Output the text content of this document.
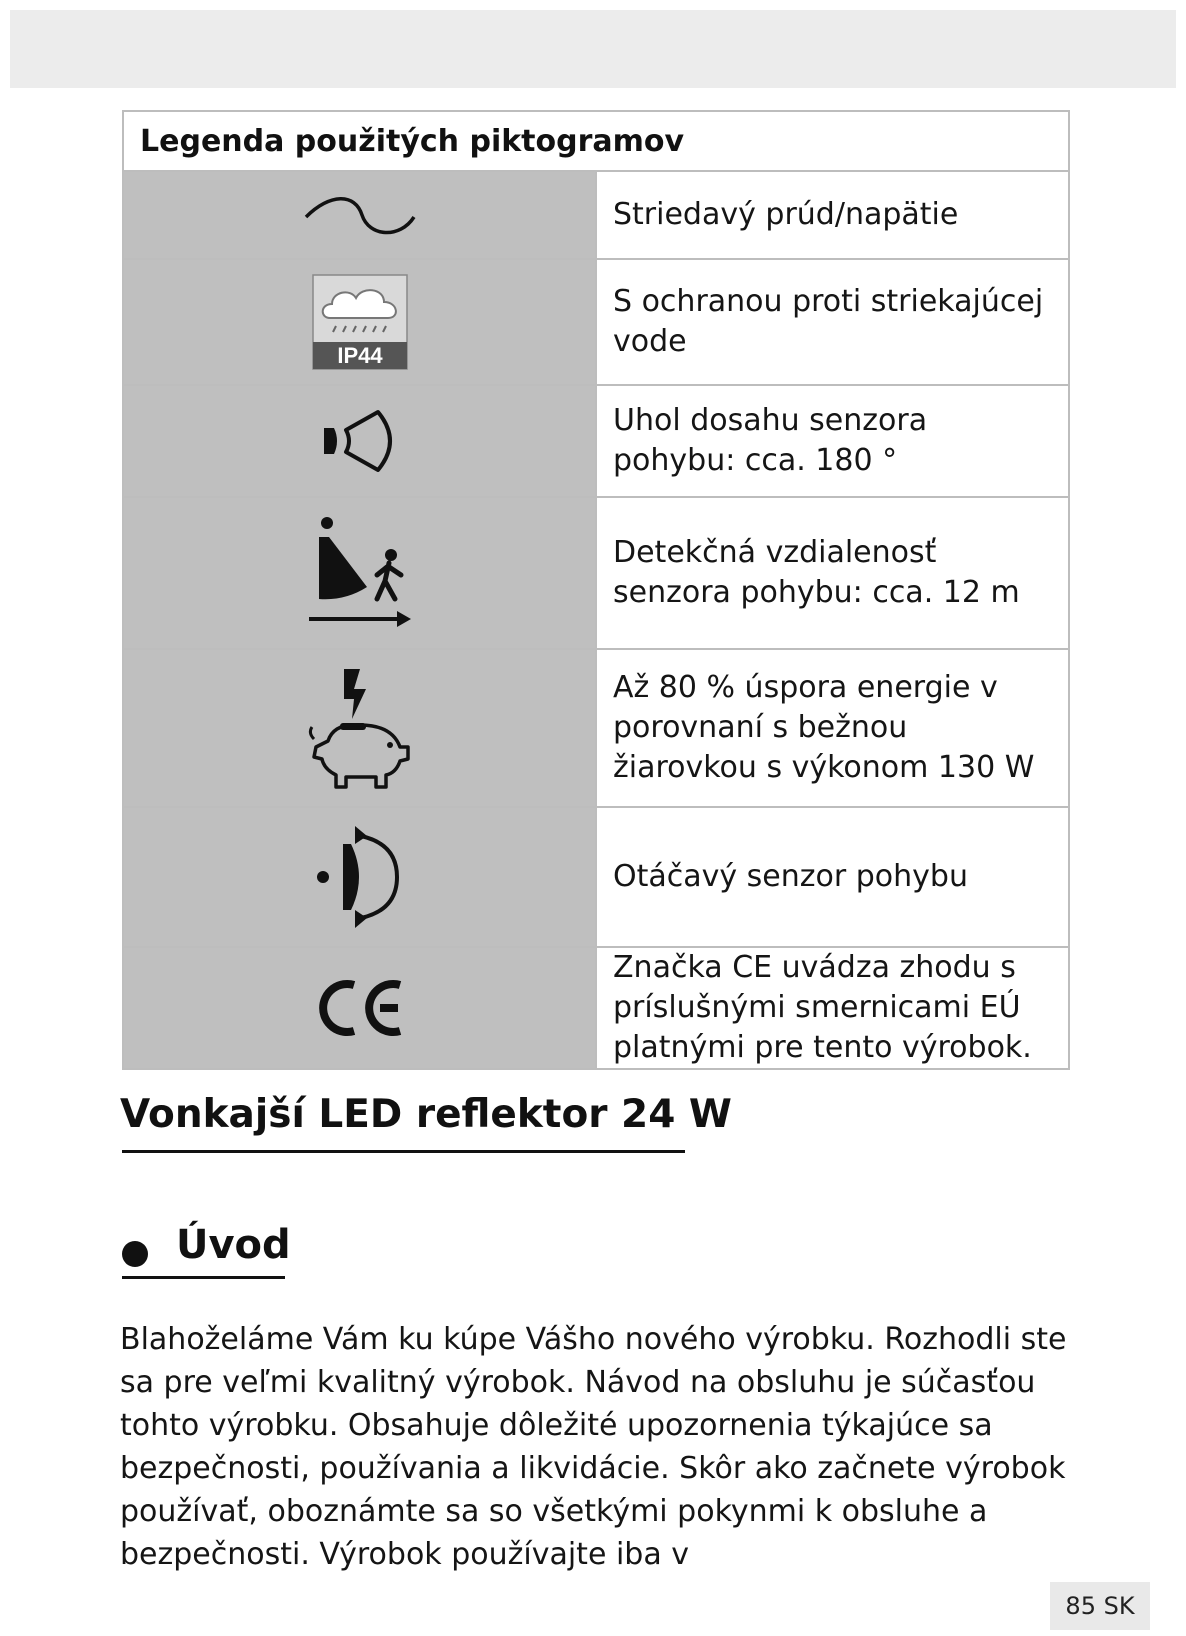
Legenda použitých piktogramov	

	Striedavý prúd/napätie

IP44	S ochranou proti striekajúcej vode

	Uhol dosahu senzora pohybu: cca. 180 °

	Detekčná vzdialenosť senzora pohybu: cca. 12 m

	Až 80 % úspora energie v porovnaní s bežnou žiarovkou s výkonom 130 W

	Otáčavý senzor pohybu

	Značka CE uvádza zhodu s príslušnými smernicami EÚ platnými pre tento výrobok.
Vonkajší LED reflektor 24 W
Úvod

Blahoželáme Vám ku kúpe Vášho nového výrobku. Rozhodli ste sa pre veľmi kvalitný výrobok. Návod na obsluhu je súčasťou tohto výrobku. Obsahuje dôležité upozornenia týkajúce sa bezpečnosti, používania a likvidácie. Skôr ako začnete výrobok používať, oboznámte sa so všetkými pokynmi k obsluhe a bezpečnosti. Výrobok používajte iba v

85 SK
